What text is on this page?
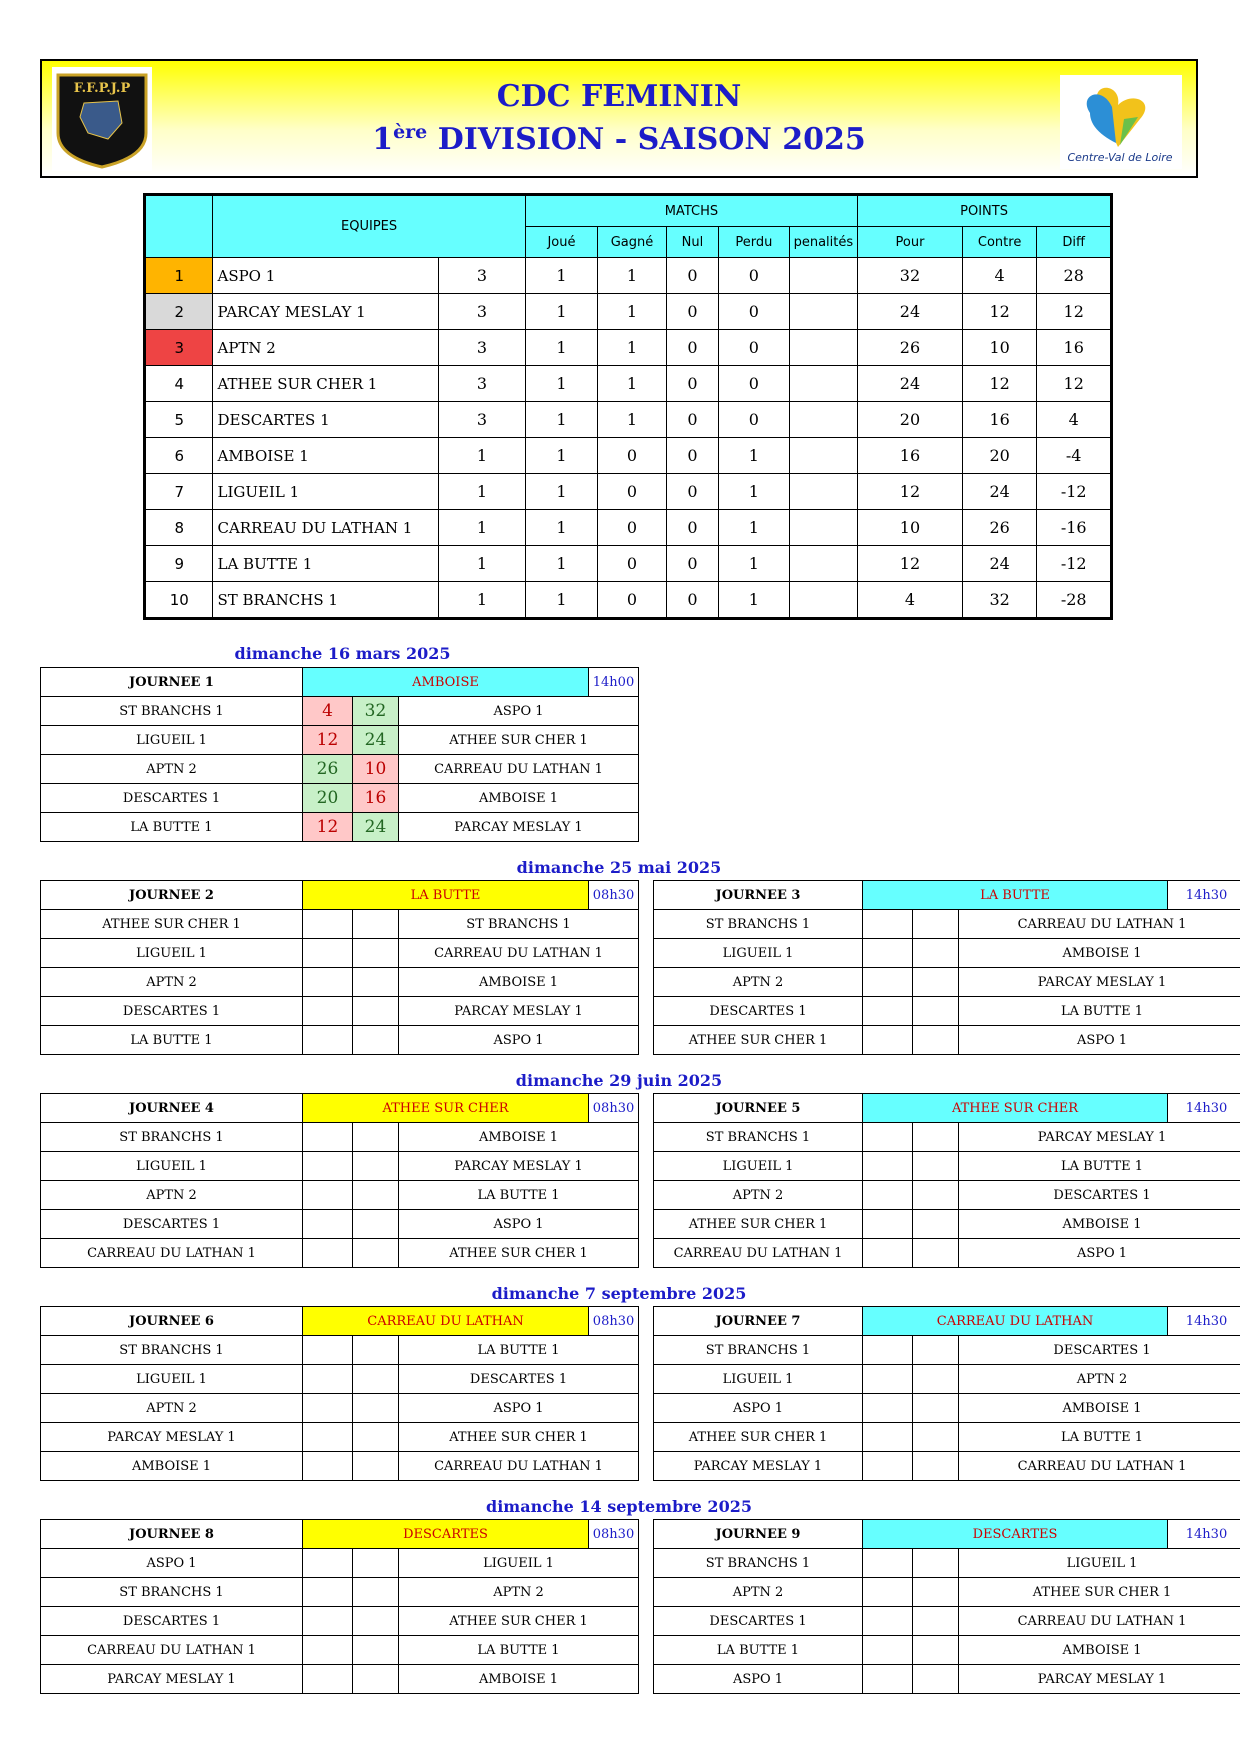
F.F.P.J.P	CDC FEMININ
1ère DIVISION - SAISON 2025
Centre-Val de Loire
	EQUIPES		MATCHS					POINTS		
			Joué	Gagné	Nul	Perdu	penalités	Pour	Contre	Diff
1	ASPO 1	3	1	1	0	0		32	4	28
2	PARCAY MESLAY 1	3	1	1	0	0		24	12	12
3	APTN 2	3	1	1	0	0		26	10	16
4	ATHEE SUR CHER 1	3	1	1	0	0		24	12	12
5	DESCARTES 1	3	1	1	0	0		20	16	4
6	AMBOISE 1	1	1	0	0	1		16	20	-4
7	LIGUEIL 1	1	1	0	0	1		12	24	-12
8	CARREAU DU LATHAN 1	1	1	0	0	1		10	26	-16
9	LA BUTTE 1	1	1	0	0	1		12	24	-12
10	ST BRANCHS 1	1	1	0	0	1		4	32	-28
dimanche 16 mars 2025
dimanche 25 mai 2025
dimanche 29 juin 2025
dimanche 7 septembre 2025
dimanche 14 septembre 2025
JOURNEE 1	AMBOISE			14h00
ST BRANCHS 1	4	32	ASPO 1	
LIGUEIL 1	12	24	ATHEE SUR CHER 1	
APTN 2	26	10	CARREAU DU LATHAN 1	
DESCARTES 1	20	16	AMBOISE 1	
LA BUTTE 1	12	24	PARCAY MESLAY 1	
JOURNEE 2	LA BUTTE			08h30
ATHEE SUR CHER 1			ST BRANCHS 1	
LIGUEIL 1			CARREAU DU LATHAN 1	
APTN 2			AMBOISE 1	
DESCARTES 1			PARCAY MESLAY 1	
LA BUTTE 1			ASPO 1	
JOURNEE 3	LA BUTTE			14h30
ST BRANCHS 1			CARREAU DU LATHAN 1	
LIGUEIL 1			AMBOISE 1	
APTN 2			PARCAY MESLAY 1	
DESCARTES 1			LA BUTTE 1	
ATHEE SUR CHER 1			ASPO 1	
JOURNEE 4	ATHEE SUR CHER			08h30
ST BRANCHS 1			AMBOISE 1	
LIGUEIL 1			PARCAY MESLAY 1	
APTN 2			LA BUTTE 1	
DESCARTES 1			ASPO 1	
CARREAU DU LATHAN 1			ATHEE SUR CHER 1	
JOURNEE 5	ATHEE SUR CHER			14h30
ST BRANCHS 1			PARCAY MESLAY 1	
LIGUEIL 1			LA BUTTE 1	
APTN 2			DESCARTES 1	
ATHEE SUR CHER 1			AMBOISE 1	
CARREAU DU LATHAN 1			ASPO 1	
JOURNEE 6	CARREAU DU LATHAN			08h30
ST BRANCHS 1			LA BUTTE 1	
LIGUEIL 1			DESCARTES 1	
APTN 2			ASPO 1	
PARCAY MESLAY 1			ATHEE SUR CHER 1	
AMBOISE 1			CARREAU DU LATHAN 1	
JOURNEE 7	CARREAU DU LATHAN			14h30
ST BRANCHS 1			DESCARTES 1	
LIGUEIL 1			APTN 2	
ASPO 1			AMBOISE 1	
ATHEE SUR CHER 1			LA BUTTE 1	
PARCAY MESLAY 1			CARREAU DU LATHAN 1	
JOURNEE 8	DESCARTES			08h30
ASPO 1			LIGUEIL 1	
ST BRANCHS 1			APTN 2	
DESCARTES 1			ATHEE SUR CHER 1	
CARREAU DU LATHAN 1			LA BUTTE 1	
PARCAY MESLAY 1			AMBOISE 1	
JOURNEE 9	DESCARTES			14h30
ST BRANCHS 1			LIGUEIL 1	
APTN 2			ATHEE SUR CHER 1	
DESCARTES 1			CARREAU DU LATHAN 1	
LA BUTTE 1			AMBOISE 1	
ASPO 1			PARCAY MESLAY 1	
